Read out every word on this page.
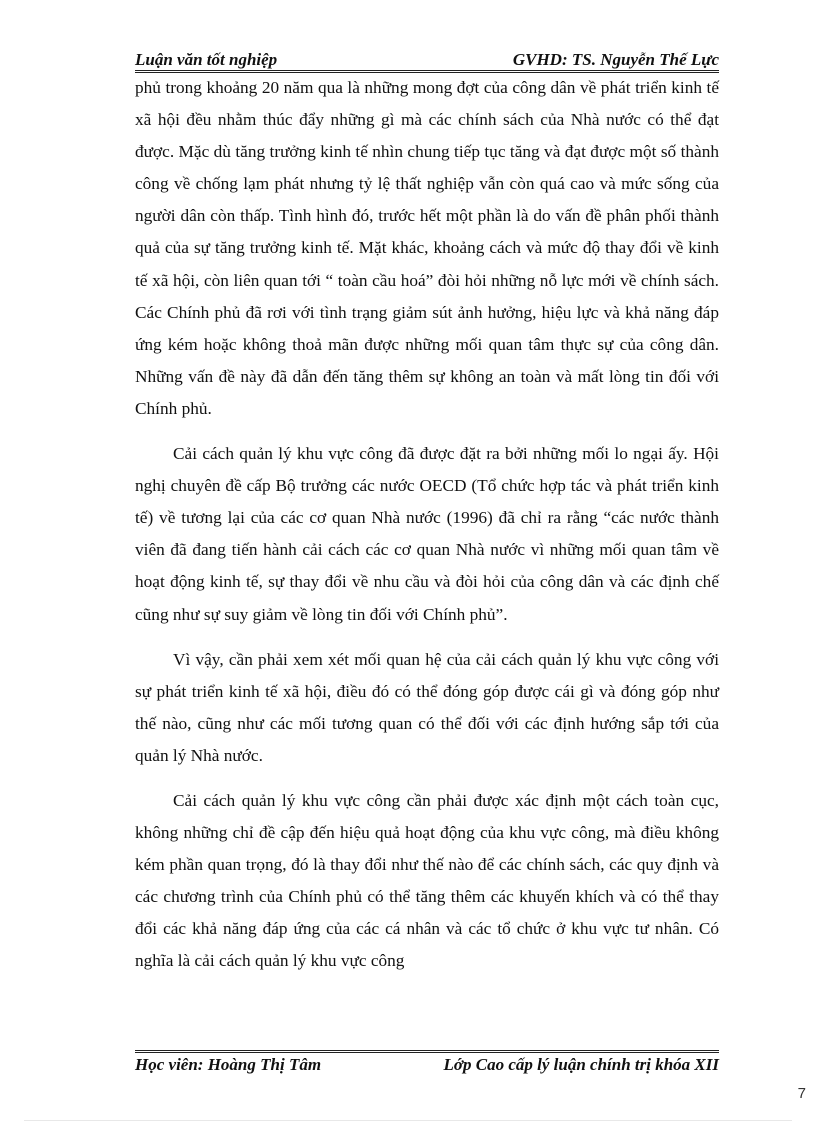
Luận văn tốt nghiệp	GVHD: TS. Nguyễn Thế Lực

phủ trong khoảng 20 năm qua là những mong đợt của công dân về phát triển kinh tế xã hội đều nhằm thúc đẩy những gì mà các chính sách của Nhà nước có thể đạt được. Mặc dù tăng trưởng kinh tế nhìn chung tiếp tục tăng và đạt được một số thành công về chống lạm phát nhưng tỷ lệ thất nghiệp vẫn còn quá cao và mức sống của người dân còn thấp. Tình hình đó, trước hết một phần là do vấn đề phân phối thành quả của sự tăng trưởng kinh tế. Mặt khác, khoảng cách và mức độ thay đổi về kinh tế xã hội, còn liên quan tới “ toàn cầu hoá” đòi hỏi những nỗ lực mới về chính sách. Các Chính phủ đã rơi với tình trạng giảm sút ảnh hưởng, hiệu lực và khả năng đáp ứng kém hoặc không thoả mãn được những mối quan tâm thực sự của công dân. Những vấn đề này đã dẫn đến tăng thêm sự không an toàn và mất lòng tin đối với Chính phủ.

Cải cách quản lý khu vực công đã được đặt ra bởi những mối lo ngại ấy. Hội nghị chuyên đề cấp Bộ trưởng các nước OECD (Tổ chức hợp tác và phát triển kinh tế) về tương lại của các cơ quan Nhà nước (1996) đã chỉ ra rằng “các nước thành viên đã đang tiến hành cải cách các cơ quan Nhà nước vì những mối quan tâm về hoạt động kinh tế, sự thay đổi về nhu cầu và đòi hỏi của công dân và các định chế cũng như sự suy giảm về lòng tin đối với Chính phủ”.

Vì vậy, cần phải xem xét mối quan hệ của cải cách quản lý khu vực công với sự phát triển kinh tế xã hội, điều đó có thể đóng góp được cái gì và đóng góp như thế nào, cũng như các mối tương quan có thể đối với các định hướng sắp tới của quản lý Nhà nước.

Cải cách quản lý khu vực công cần phải được xác định một cách toàn cục, không những chỉ đề cập đến hiệu quả hoạt động của khu vực công, mà điều không kém phần quan trọng, đó là thay đổi như thế nào để các chính sách, các quy định và các chương trình của Chính phủ có thể tăng thêm các khuyến khích và có thể thay đổi các khả năng đáp ứng của các cá nhân và các tổ chức ở khu vực tư nhân. Có nghĩa là cải cách quản lý khu vực công

Học viên: Hoàng Thị Tâm	Lớp Cao cấp lý luận chính trị khóa XII
7
